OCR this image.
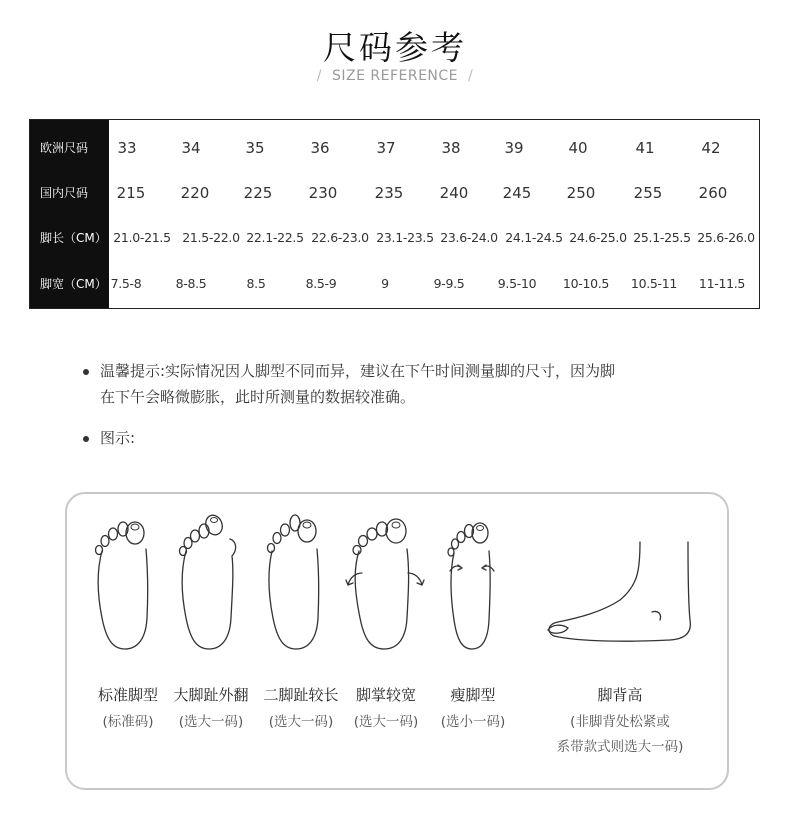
尺码参考
/ SIZE REFERENCE /
欧洲尺码	33	34	35	36	37	38	39	40	41	42
国内尺码	215	220	225	230	235	240	245	250	255	260
脚长（CM） 21.0-21.5 21.5-22.0 22.1-22.5 22.6-23.0 23.1-23.5 23.6-24.0 24.1-24.5 24.6-25.0 25.1-25.5 25.6-26.0
脚宽（CM） 7.5-8	8-8.5	8.5	8.5-9	9	9-9.5	9.5-10	10-10.5	10.5-11	11-11.5
温馨提示:实际情况因人脚型不同而异，建议在下午时间测量脚的尺寸，因为脚
在下午会略微膨胀，此时所测量的数据较准确。
图示:
标准脚型
(标准码)
大脚趾外翻
(选大一码)
二脚趾较长
(选大一码)
脚掌较宽
(选大一码)
瘦脚型
(选小一码)
脚背高
(非脚背处松紧或
系带款式则选大一码)
